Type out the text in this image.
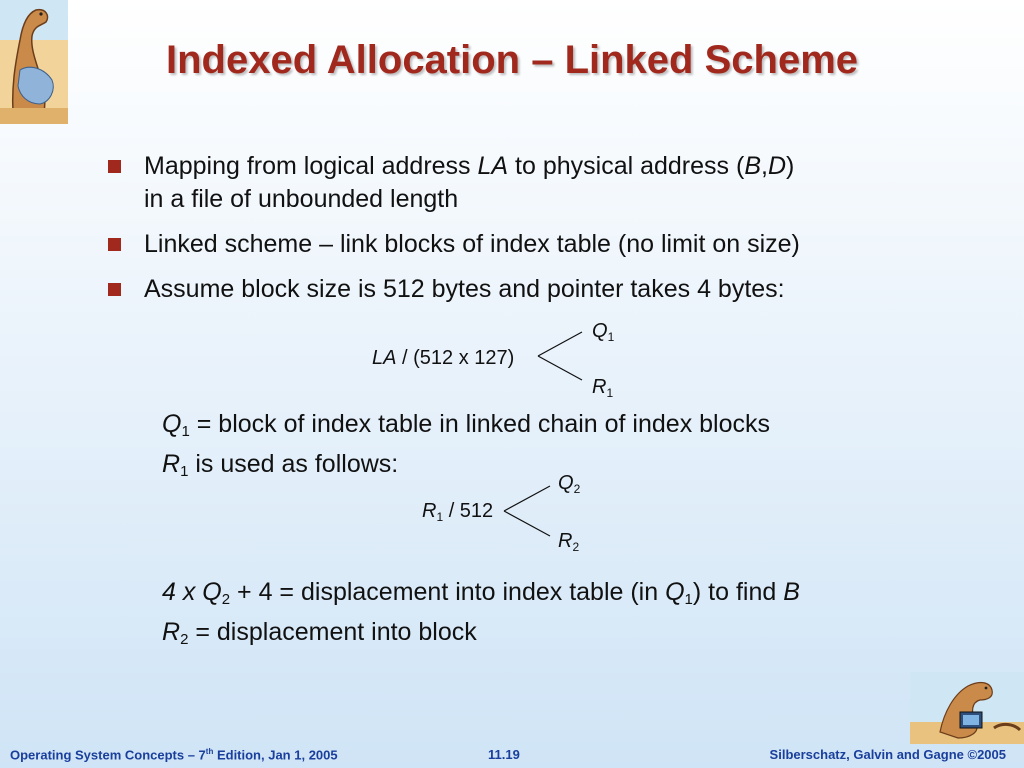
Indexed Allocation – Linked Scheme
Mapping from logical address LA to physical address (B,D)
in a file of unbounded length
Linked scheme – link blocks of index table (no limit on size)
Assume block size is 512 bytes and pointer takes 4 bytes:
LA / (512 x 127)
$Q_1$
$R_1$
$Q_1$ = block of index table in linked chain of index blocks
$R_1$ is used as follows:
$R_1 / 512$
$Q_2$
$R_2$
4 x $Q_2 + 4$ = displacement into index table (in $Q_1$) to find B
$R_2$ = displacement into block
Operating System Concepts – 7th Edition, Jan 1, 2005	11.19	Silberschatz, Galvin and Gagne ©2005
